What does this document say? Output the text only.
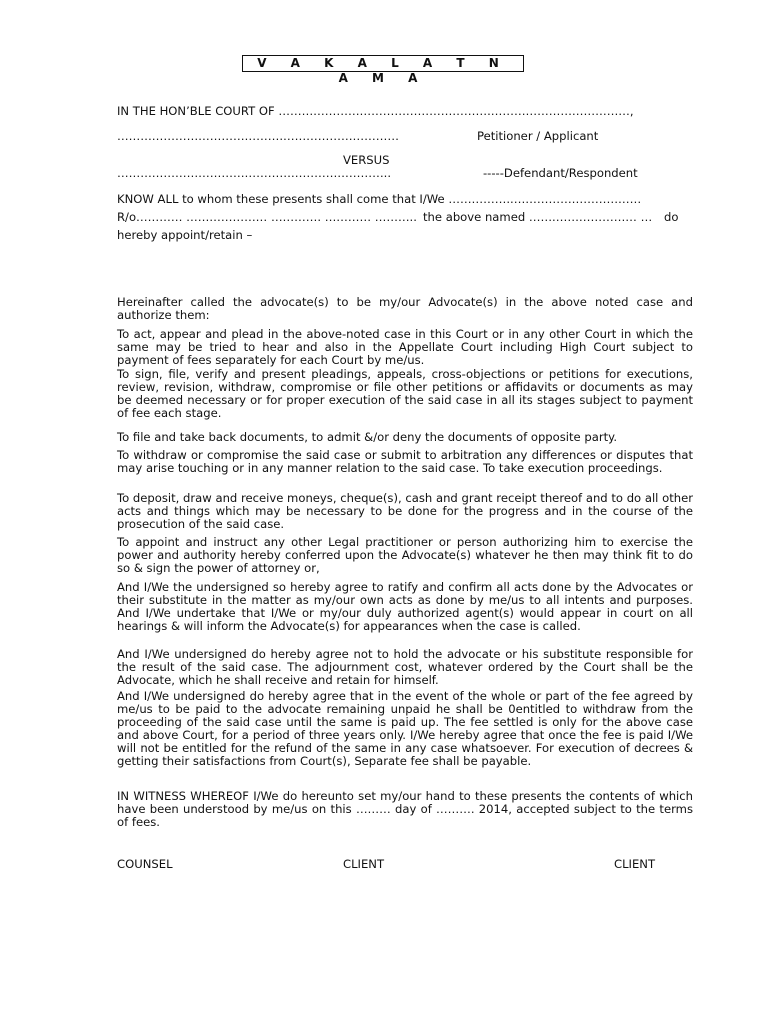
V A K A L A T N A M A
IN THE HON’BLE COURT OF ……………………………………………….………………………………,
…………………………………….…………………………	Petitioner / Applicant
VERSUS
……………………………………………………………..	-----Defendant/Respondent
KNOW ALL to whom these presents shall come that I/We ……………..……………………………
R/o………… ………………… …………. ………… ……….. the above named …….………………… … do
hereby appoint/retain –
Hereinafter called the advocate(s) to be my/our Advocate(s) in the above noted case and authorize them:
To act, appear and plead in the above-noted case in this Court or in any other Court in which the same may be tried to hear and also in the Appellate Court including High Court subject to payment of fees separately for each Court by me/us.
To sign, file, verify and present pleadings, appeals, cross-objections or petitions for executions, review, revision, withdraw, compromise or file other petitions or affidavits or documents as may be deemed necessary or for proper execution of the said case in all its stages subject to payment of fee each stage.
To file and take back documents, to admit &/or deny the documents of opposite party.
To withdraw or compromise the said case or submit to arbitration any differences or disputes that may arise touching or in any manner relation to the said case. To take execution proceedings.
To deposit, draw and receive moneys, cheque(s), cash and grant receipt thereof and to do all other acts and things which may be necessary to be done for the progress and in the course of the prosecution of the said case.
To appoint and instruct any other Legal practitioner or person authorizing him to exercise the power and authority hereby conferred upon the Advocate(s) whatever he then may think fit to do so & sign the power of attorney or,
And I/We the undersigned so hereby agree to ratify and confirm all acts done by the Advocates or their substitute in the matter as my/our own acts as done by me/us to all intents and purposes. And I/We undertake that I/We or my/our duly authorized agent(s) would appear in court on all hearings & will inform the Advocate(s) for appearances when the case is called.
And I/We undersigned do hereby agree not to hold the advocate or his substitute responsible for the result of the said case. The adjournment cost, whatever ordered by the Court shall be the Advocate, which he shall receive and retain for himself.
And I/We undersigned do hereby agree that in the event of the whole or part of the fee agreed by me/us to be paid to the advocate remaining unpaid he shall be 0entitled to withdraw from the proceeding of the said case until the same is paid up. The fee settled is only for the above case and above Court, for a period of three years only. I/We hereby agree that once the fee is paid I/We will not be entitled for the refund of the same in any case whatsoever. For execution of decrees & getting their satisfactions from Court(s), Separate fee shall be payable.
IN WITNESS WHEREOF I/We do hereunto set my/our hand to these presents the contents of which have been understood by me/us on this ……… day of ………. 2014, accepted subject to the terms of fees.
COUNSEL	CLIENT	CLIENT
